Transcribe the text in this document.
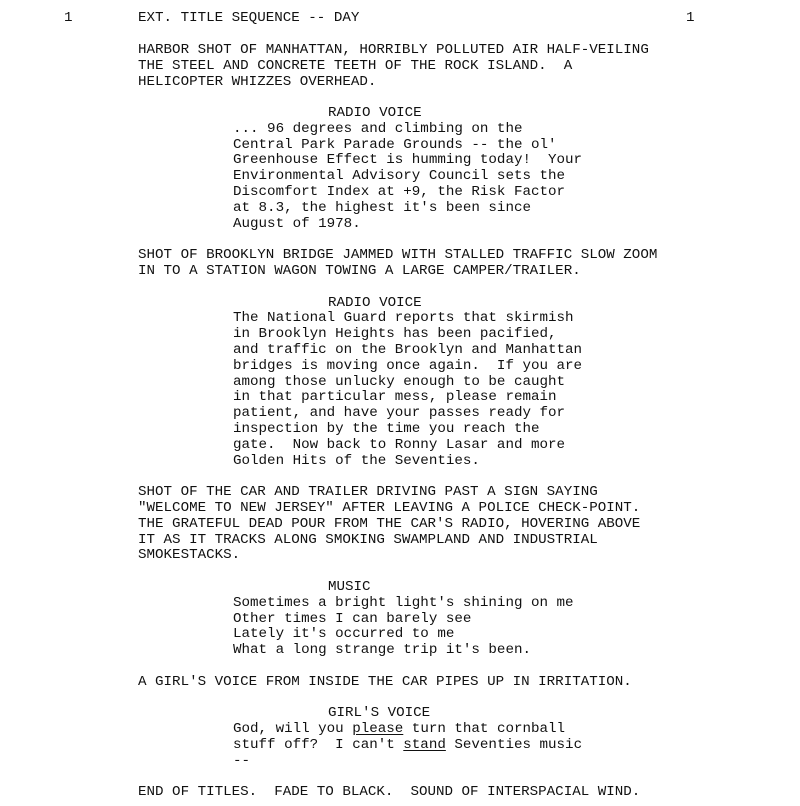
1	EXT. TITLE SEQUENCE -- DAY	1
HARBOR SHOT OF MANHATTAN, HORRIBLY POLLUTED AIR HALF-VEILING
THE STEEL AND CONCRETE TEETH OF THE ROCK ISLAND.  A
HELICOPTER WHIZZES OVERHEAD.
RADIO VOICE
... 96 degrees and climbing on the
Central Park Parade Grounds -- the ol'
Greenhouse Effect is humming today!  Your
Environmental Advisory Council sets the
Discomfort Index at +9, the Risk Factor
at 8.3, the highest it's been since
August of 1978.
SHOT OF BROOKLYN BRIDGE JAMMED WITH STALLED TRAFFIC SLOW ZOOM
IN TO A STATION WAGON TOWING A LARGE CAMPER/TRAILER.
RADIO VOICE
The National Guard reports that skirmish
in Brooklyn Heights has been pacified,
and traffic on the Brooklyn and Manhattan
bridges is moving once again.  If you are
among those unlucky enough to be caught
in that particular mess, please remain
patient, and have your passes ready for
inspection by the time you reach the
gate.  Now back to Ronny Lasar and more
Golden Hits of the Seventies.
SHOT OF THE CAR AND TRAILER DRIVING PAST A SIGN SAYING
"WELCOME TO NEW JERSEY" AFTER LEAVING A POLICE CHECK-POINT.
THE GRATEFUL DEAD POUR FROM THE CAR'S RADIO, HOVERING ABOVE
IT AS IT TRACKS ALONG SMOKING SWAMPLAND AND INDUSTRIAL
SMOKESTACKS.
MUSIC
Sometimes a bright light's shining on me
Other times I can barely see
Lately it's occurred to me
What a long strange trip it's been.
A GIRL'S VOICE FROM INSIDE THE CAR PIPES UP IN IRRITATION.
GIRL'S VOICE
God, will you please turn that cornball
stuff off?  I can't stand Seventies music
--
END OF TITLES.  FADE TO BLACK.  SOUND OF INTERSPACIAL WIND.
